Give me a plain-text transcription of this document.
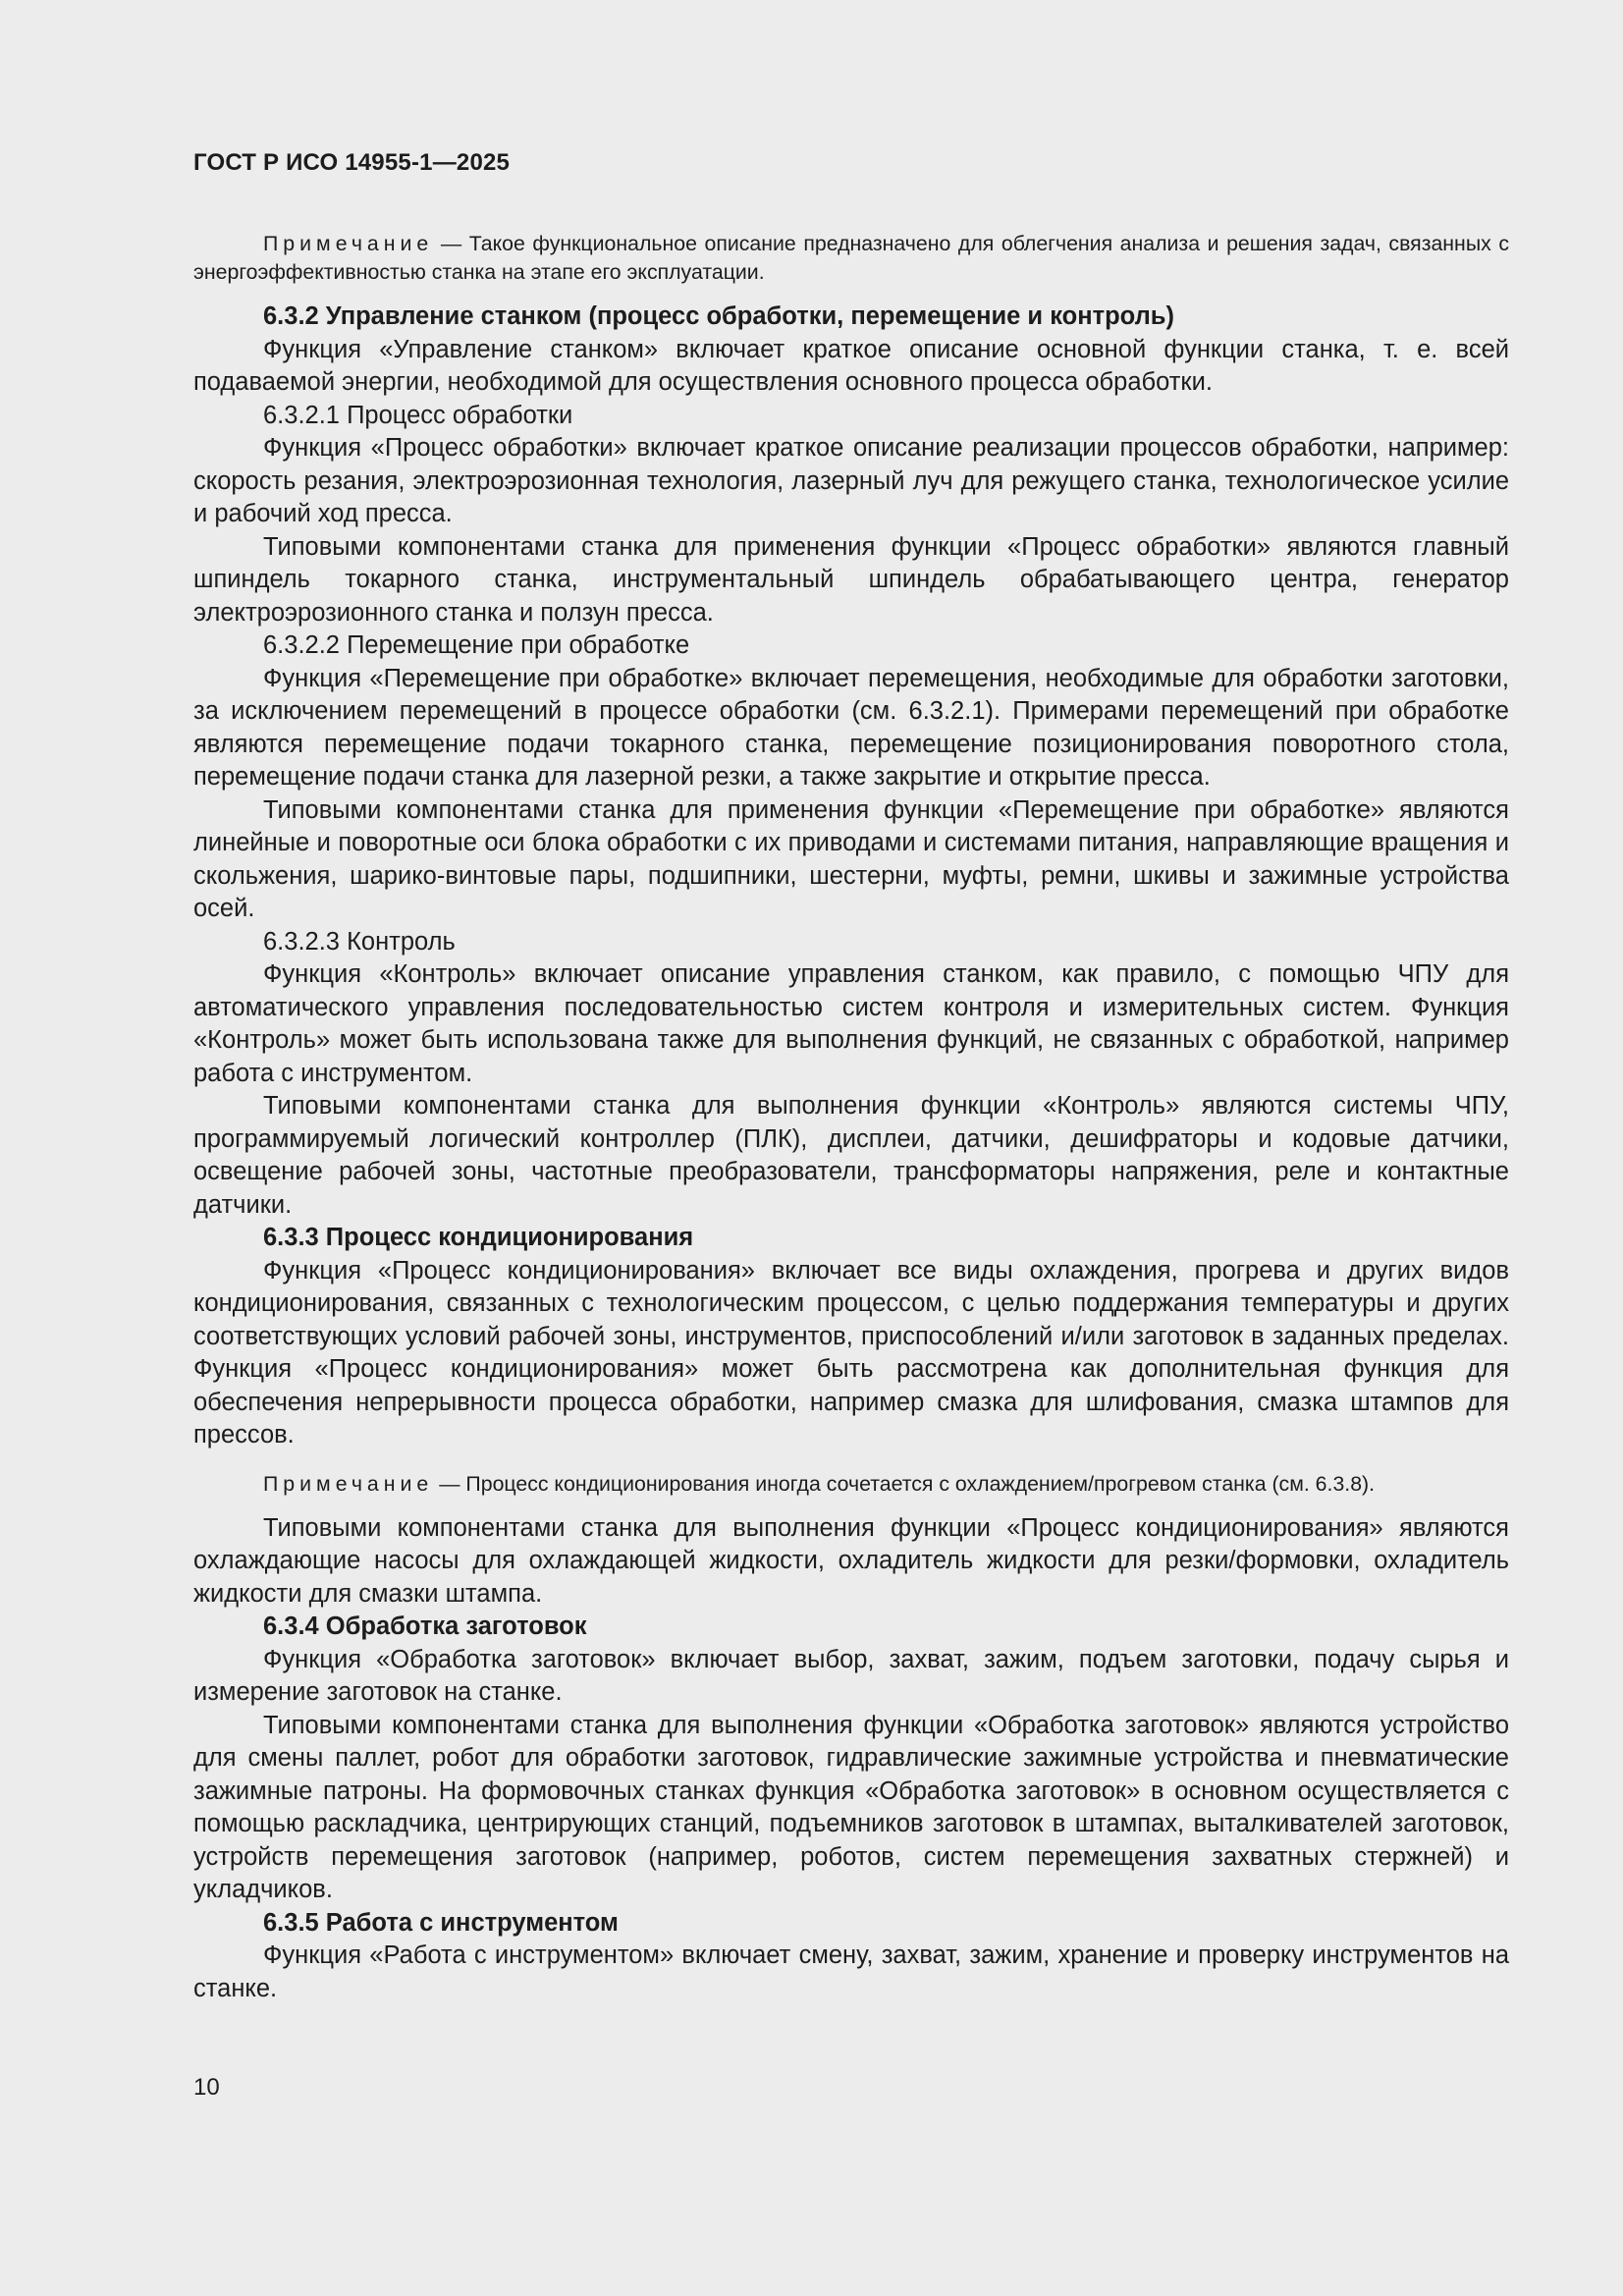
ГОСТ Р ИСО 14955-1—2025

Примечание — Такое функциональное описание предназначено для облегчения анализа и решения задач, связанных с энергоэффективностью станка на этапе его эксплуатации.

6.3.2 Управление станком (процесс обработки, перемещение и контроль)

Функция «Управление станком» включает краткое описание основной функции станка, т. е. всей подаваемой энергии, необходимой для осуществления основного процесса обработки.

6.3.2.1 Процесс обработки

Функция «Процесс обработки» включает краткое описание реализации процессов обработки, например: скорость резания, электроэрозионная технология, лазерный луч для режущего станка, технологическое усилие и рабочий ход пресса.

Типовыми компонентами станка для применения функции «Процесс обработки» являются главный шпиндель токарного станка, инструментальный шпиндель обрабатывающего центра, генератор электроэрозионного станка и ползун пресса.

6.3.2.2 Перемещение при обработке

Функция «Перемещение при обработке» включает перемещения, необходимые для обработки заготовки, за исключением перемещений в процессе обработки (см. 6.3.2.1). Примерами перемещений при обработке являются перемещение подачи токарного станка, перемещение позиционирования поворотного стола, перемещение подачи станка для лазерной резки, а также закрытие и открытие пресса.

Типовыми компонентами станка для применения функции «Перемещение при обработке» являются линейные и поворотные оси блока обработки с их приводами и системами питания, направляющие вращения и скольжения, шарико-винтовые пары, подшипники, шестерни, муфты, ремни, шкивы и зажимные устройства осей.

6.3.2.3 Контроль

Функция «Контроль» включает описание управления станком, как правило, с помощью ЧПУ для автоматического управления последовательностью систем контроля и измерительных систем. Функция «Контроль» может быть использована также для выполнения функций, не связанных с обработкой, например работа с инструментом.

Типовыми компонентами станка для выполнения функции «Контроль» являются системы ЧПУ, программируемый логический контроллер (ПЛК), дисплеи, датчики, дешифраторы и кодовые датчики, освещение рабочей зоны, частотные преобразователи, трансформаторы напряжения, реле и контактные датчики.

6.3.3 Процесс кондиционирования

Функция «Процесс кондиционирования» включает все виды охлаждения, прогрева и других видов кондиционирования, связанных с технологическим процессом, с целью поддержания температуры и других соответствующих условий рабочей зоны, инструментов, приспособлений и/или заготовок в заданных пределах. Функция «Процесс кондиционирования» может быть рассмотрена как дополнительная функция для обеспечения непрерывности процесса обработки, например смазка для шлифования, смазка штампов для прессов.

Примечание — Процесс кондиционирования иногда сочетается с охлаждением/прогревом станка (см. 6.3.8).

Типовыми компонентами станка для выполнения функции «Процесс кондиционирования» являются охлаждающие насосы для охлаждающей жидкости, охладитель жидкости для резки/формовки, охладитель жидкости для смазки штампа.

6.3.4 Обработка заготовок

Функция «Обработка заготовок» включает выбор, захват, зажим, подъем заготовки, подачу сырья и измерение заготовок на станке.

Типовыми компонентами станка для выполнения функции «Обработка заготовок» являются устройство для смены паллет, робот для обработки заготовок, гидравлические зажимные устройства и пневматические зажимные патроны. На формовочных станках функция «Обработка заготовок» в основном осуществляется с помощью раскладчика, центрирующих станций, подъемников заготовок в штампах, выталкивателей заготовок, устройств перемещения заготовок (например, роботов, систем перемещения захватных стержней) и укладчиков.

6.3.5 Работа с инструментом

Функция «Работа с инструментом» включает смену, захват, зажим, хранение и проверку инструментов на станке.

10
